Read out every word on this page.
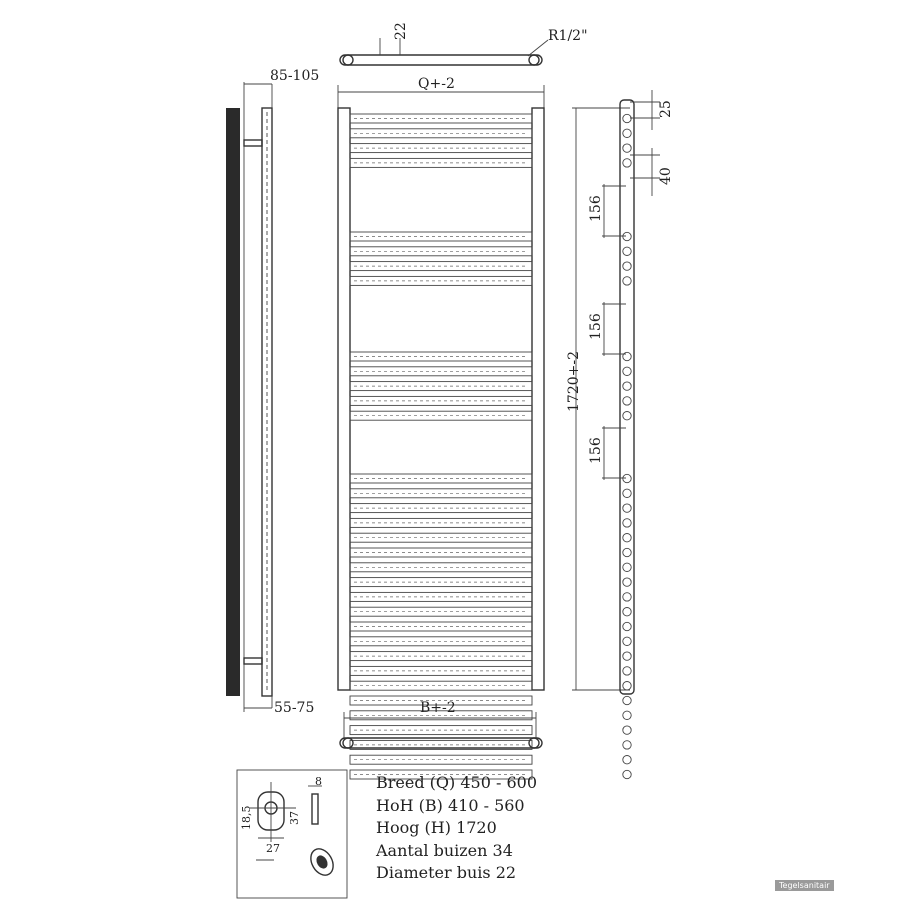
22	R1/2"
Q+-2
85-105
55-75	B+-2
1720+-2
25
40
156
156
156
8
18,5	37
27
Breed (Q) 450 - 600
HoH (B) 410 - 560
Hoog (H) 1720
Aantal buizen 34
Diameter buis 22
Tegelsanitair
